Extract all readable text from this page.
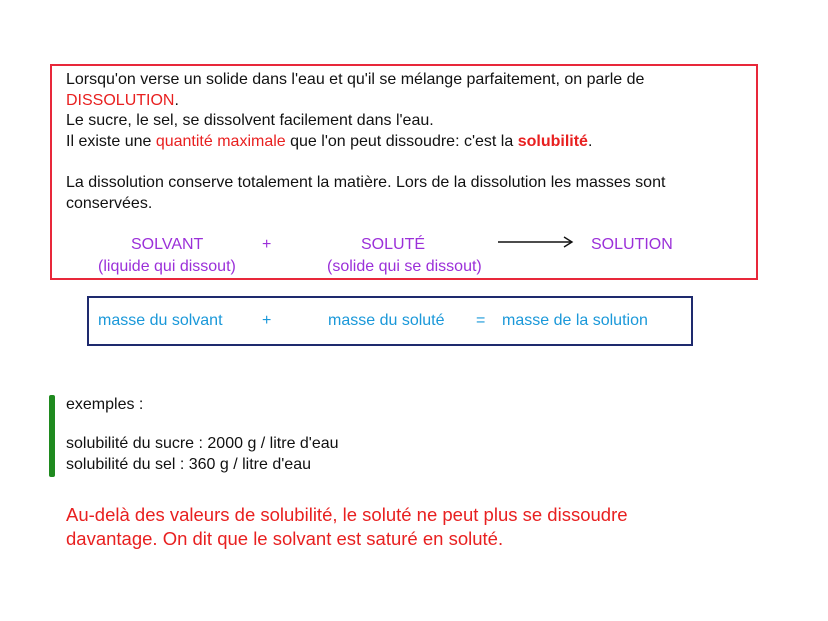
Lorsqu'on verse un solide dans l'eau et qu'il se mélange parfaitement, on parle de
DISSOLUTION.
Le sucre, le sel, se dissolvent facilement dans l'eau.
Il existe une quantité maximale que l'on peut dissoudre: c'est la solubilité.

La dissolution conserve totalement la matière. Lors de la dissolution les masses sont conservées.

SOLVANT	+	SOLUTÉ	SOLUTION
(liquide qui dissout)	(solide qui se dissout)
masse du solvant +	masse du soluté = masse de la solution
exemples :
solubilité du sucre : 2000 g / litre d'eau
solubilité du sel : 360 g / litre d'eau

Au-delà des valeurs de solubilité, le soluté ne peut plus se dissoudre davantage. On dit que le solvant est saturé en soluté.
